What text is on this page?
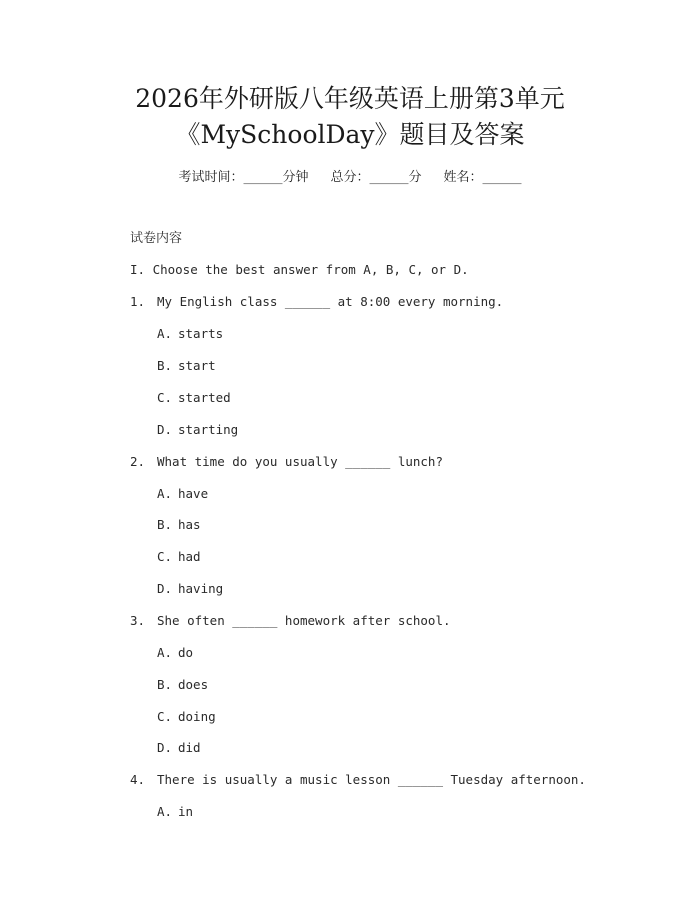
2026年外研版八年级英语上册第3单元
《MySchoolDay》题目及答案
考试时间：______分钟 总分：______分 姓名：______
试卷内容
I. Choose the best answer from A, B, C, or D.
1. My English class ______ at 8:00 every morning.
A. starts
B. start
C. started
D. starting
2. What time do you usually ______ lunch?
A. have
B. has
C. had
D. having
3. She often ______ homework after school.
A. do
B. does
C. doing
D. did
4. There is usually a music lesson ______ Tuesday afternoon.
A. in
